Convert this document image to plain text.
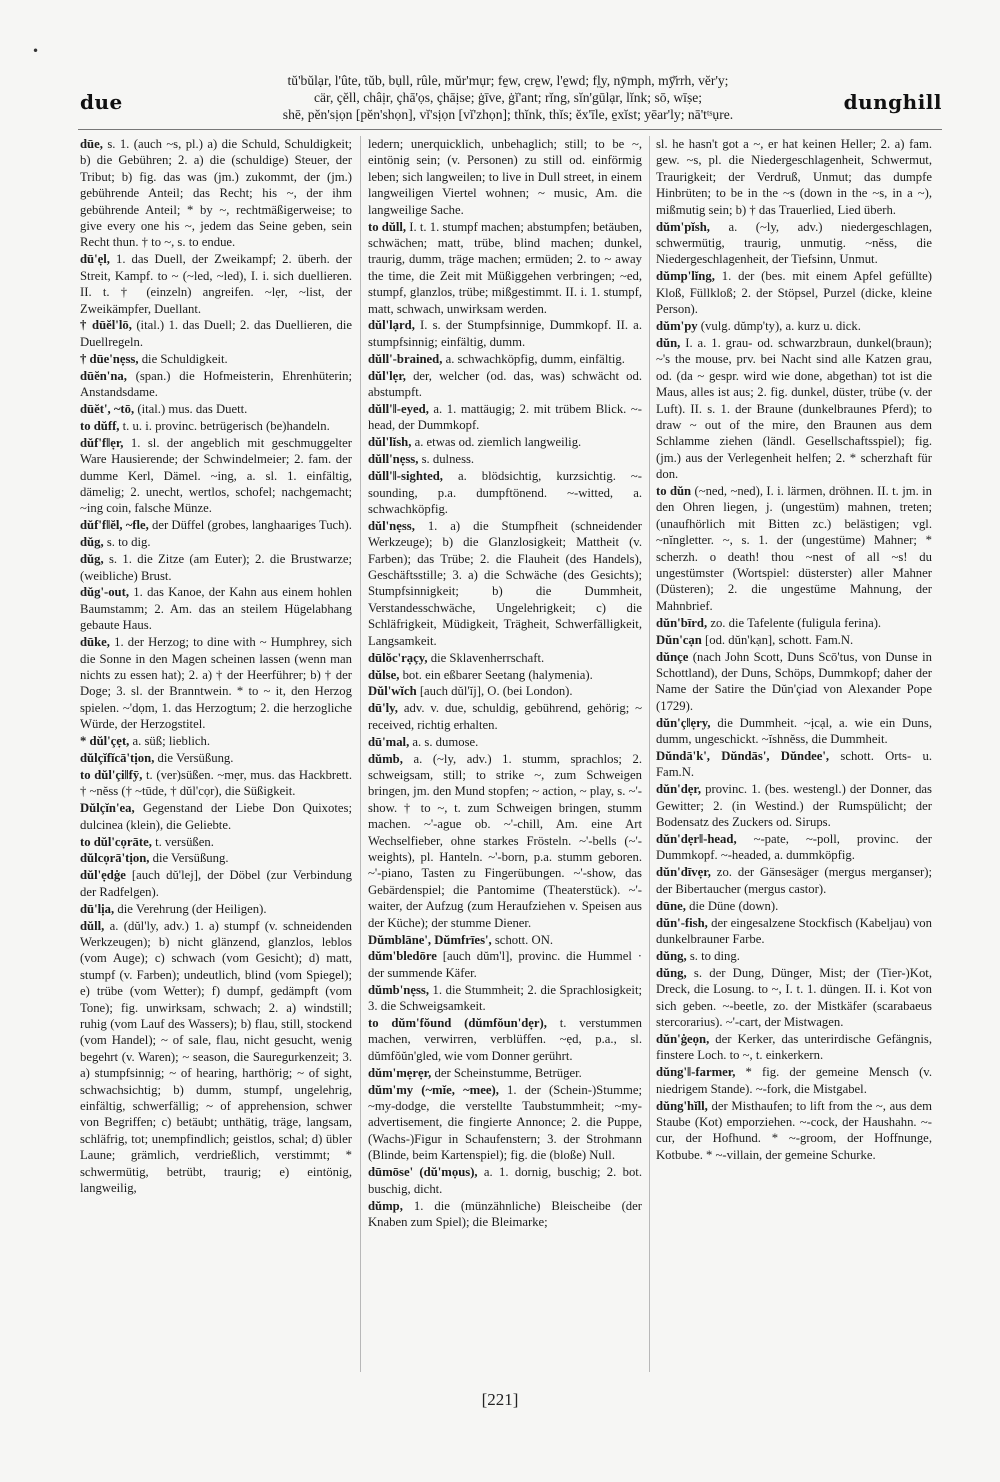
•
due
tŭ'bŭlạr, l'ûte, tŭb, bụll, rûle, mŭr'mụr; fe̱w, cre̱w, l'e̱wd; fl̤y, nȳmph, mȳ̆rrh, vĕr'y;
cär, çĕll, châịr, çhā'ọs, çhāịse; ġīve, ġĭ'ant; rĭng, sĭn'gūlạr, lĭnk; sō, wīṣe;
shē, pĕn'sịọn [pĕn'shọn], vĭ'sịọn [vĭ'zhọn]; thĭnk, thĭs; ĕx'īle, e̱xĭst; yēar'ly; nā'tᵗˢụre.
dunghill
dūe, s. 1. (auch ~s, pl.) a) die Schuld, Schuldigkeit; b) die Gebühren; 2. a) die (schuldige) Steuer, der Tribut; b) fig. das was (jm.) zukommt, der (jm.) gebührende Anteil; das Recht; his ~, der ihm gebührende Anteil; * by ~, rechtmäßigerweise; to give every one his ~, jedem das Seine geben, sein Recht thun. † to ~, s. to endue.
dū'ẹl, 1. das Duell, der Zweikampf; 2. überh. der Streit, Kampf. to ~ (~led, ~led), I. i. sich duellieren. II. t. † (einzeln) angreifen. ~lẹr, ~list, der Zweikämpfer, Duellant.
† dūĕl'lō, (ital.) 1. das Duell; 2. das Duellieren, die Duellregeln.
† dūe'nẹss, die Schuldigkeit.
dūĕn'na, (span.) die Hofmeisterin, Ehrenhüterin; Anstandsdame.
dūĕt', ~tō, (ital.) mus. das Duett.
to dŭff, t. u. i. provinc. betrügerisch (be)handeln.
dŭf'f‖ẹr, 1. sl. der angeblich mit geschmuggelter Ware Hausierende; der Schwindelmeier; 2. fam. der dumme Kerl, Dämel. ~ing, a. sl. 1. einfältig, dämelig; 2. unecht, wertlos, schofel; nachgemacht; ~ing coin, falsche Münze.
dŭf'f‖ĕl, ~fle, der Düffel (grobes, langhaariges Tuch).
dŭg, s. to dig.
dŭg, s. 1. die Zitze (am Euter); 2. die Brustwarze; (weibliche) Brust.
dŭg'-out, 1. das Kanoe, der Kahn aus einem hohlen Baumstamm; 2. Am. das an steilem Hügelabhang gebaute Haus.
dūke, 1. der Herzog; to dine with ~ Humphrey, sich die Sonne in den Magen scheinen lassen (wenn man nichts zu essen hat); 2. a) † der Heerführer; b) † der Doge; 3. sl. der Branntwein. * to ~ it, den Herzog spielen. ~'dọm, 1. das Herzogtum; 2. die herzogliche Würde, der Herzogstitel.
* dŭl'çẹt, a. süß; lieblich.
dŭlçĭfĭcā'tịon, die Versüßung.
to dŭl'çi‖fȳ, t. (ver)süßen. ~mẹr, mus. das Hackbrett. † ~nĕss († ~tūde, † dŭl'cọr), die Süßigkeit.
Dŭlçĭn'ea, Gegenstand der Liebe Don Quixotes; dulcinea (klein), die Geliebte.
to dŭl'cọrāte, t. versüßen.
dŭlcọrā'tịon, die Versüßung.
dŭl'ẹdġe [auch dŭ'lej], der Döbel (zur Verbindung der Radfelgen).
dū'lịa, die Verehrung (der Heiligen).
dŭll, a. (dŭl'ly, adv.) 1. a) stumpf (v. schneidenden Werkzeugen); b) nicht glänzend, glanzlos, leblos (vom Auge); c) schwach (vom Gesicht); d) matt, stumpf (v. Farben); undeutlich, blind (vom Spiegel); e) trübe (vom Wetter); f) dumpf, gedämpft (vom Tone); fig. unwirksam, schwach; 2. a) windstill; ruhig (vom Lauf des Wassers); b) flau, still, stockend (vom Handel); ~ of sale, flau, nicht gesucht, wenig begehrt (v. Waren); ~ season, die Sauregurkenzeit; 3. a) stumpfsinnig; ~ of hearing, harthörig; ~ of sight, schwachsichtig; b) dumm, stumpf, ungelehrig, einfältig, schwerfällig; ~ of apprehension, schwer von Begriffen; c) betäubt; unthätig, träge, langsam, schläfrig, tot; unempfindlich; geistlos, schal; d) übler Laune; grämlich, verdrießlich, verstimmt; * schwermütig, betrübt, traurig; e) eintönig, langweilig,
ledern; unerquicklich, unbehaglich; still; to be ~, eintönig sein; (v. Personen) zu still od. einförmig leben; sich langweilen; to live in Dull street, in einem langweiligen Viertel wohnen; ~ music, Am. die langweilige Sache.
to dŭll, I. t. 1. stumpf machen; abstumpfen; betäuben, schwächen; matt, trübe, blind machen; dunkel, traurig, dumm, träge machen; ermüden; 2. to ~ away the time, die Zeit mit Müßiggehen verbringen; ~ed, stumpf, glanzlos, trübe; mißgestimmt. II. i. 1. stumpf, matt, schwach, unwirksam werden.
dŭl'lạrd, I. s. der Stumpfsinnige, Dummkopf. II. a. stumpfsinnig; einfältig, dumm.
dŭll'-brained, a. schwachköpfig, dumm, einfältig.
dŭl'lẹr, der, welcher (od. das, was) schwächt od. abstumpft.
dŭll'‖-eyed, a. 1. mattäugig; 2. mit trübem Blick. ~-head, der Dummkopf.
dŭl'lĭsh, a. etwas od. ziemlich langweilig.
dŭll'nẹss, s. dulness.
dŭll'‖-sighted, a. blödsichtig, kurzsichtig. ~-sounding, p.a. dumpftönend. ~-witted, a. schwachköpfig.
dŭl'nẹss, 1. a) die Stumpfheit (schneidender Werkzeuge); b) die Glanzlosigkeit; Mattheit (v. Farben); das Trübe; 2. die Flauheit (des Handels), Geschäftsstille; 3. a) die Schwäche (des Gesichts); Stumpfsinnigkeit; b) die Dummheit, Verstandesschwäche, Ungelehrigkeit; c) die Schläfrigkeit, Müdigkeit, Trägheit, Schwerfälligkeit, Langsamkeit.
dūlŏc'rạçy, die Sklavenherrschaft.
dŭlse, bot. ein eßbarer Seetang (halymenia).
Dŭl'wĭch [auch dŭl'ĭj], O. (bei London).
dū'ly, adv. v. due, schuldig, gebührend, gehörig; ~ received, richtig erhalten.
dū'mal, a. s. dumose.
dŭmb, a. (~ly, adv.) 1. stumm, sprachlos; 2. schweigsam, still; to strike ~, zum Schweigen bringen, jm. den Mund stopfen; ~ action, ~ play, s. ~'-show. † to ~, t. zum Schweigen bringen, stumm machen. ~'-ague ob. ~'-chill, Am. eine Art Wechselfieber, ohne starkes Frösteln. ~'-bells (~'-weights), pl. Hanteln. ~'-born, p.a. stumm geboren. ~'-piano, Tasten zu Fingerübungen. ~'-show, das Gebärdenspiel; die Pantomime (Theaterstück). ~'-waiter, der Aufzug (zum Heraufziehen v. Speisen aus der Küche); der stumme Diener.
Dŭmblāne', Dŭmfrīes', schott. ON.
dŭm'bledōre [auch dŭm'l], provinc. die Hummel · der summende Käfer.
dŭmb'nẹss, 1. die Stummheit; 2. die Sprachlosigkeit; 3. die Schweigsamkeit.
to dŭm'fŏund (dŭmfŏun'dẹr), t. verstummen machen, verwirren, verblüffen. ~ẹd, p.a., sl. dŭmfŏŭn'gled, wie vom Donner gerührt.
dŭm'mẹrẹr, der Scheinstumme, Betrüger.
dŭm'my (~mĭe, ~mee), 1. der (Schein-)Stumme; ~my-dodge, die verstellte Taubstummheit; ~my-advertisement, die fingierte Annonce; 2. die Puppe, (Wachs-)Figur in Schaufenstern; 3. der Strohmann (Blinde, beim Kartenspiel); fig. die (bloße) Null.
dūmōse' (dŭ'mọus), a. 1. dornig, buschig; 2. bot. buschig, dicht.
dŭmp, 1. die (münzähnliche) Bleischeibe (der Knaben zum Spiel); die Bleimarke;
sl. he hasn't got a ~, er hat keinen Heller; 2. a) fam. gew. ~s, pl. die Niedergeschlagenheit, Schwermut, Traurigkeit; der Verdruß, Unmut; das dumpfe Hinbrüten; to be in the ~s (down in the ~s, in a ~), mißmutig sein; b) † das Trauerlied, Lied überh.
dŭm'pĭsh, a. (~ly, adv.) niedergeschlagen, schwermütig, traurig, unmutig. ~nĕss, die Niedergeschlagenheit, der Tiefsinn, Unmut.
dŭmp'lĭng, 1. der (bes. mit einem Apfel gefüllte) Kloß, Füllkloß; 2. der Stöpsel, Purzel (dicke, kleine Person).
dŭm'py (vulg. dŭmp'ty), a. kurz u. dick.
dŭn, I. a. 1. grau- od. schwarzbraun, dunkel(braun); ~'s the mouse, prv. bei Nacht sind alle Katzen grau, od. (da ~ gespr. wird wie done, abgethan) tot ist die Maus, alles ist aus; 2. fig. dunkel, düster, trübe (v. der Luft). II. s. 1. der Braune (dunkelbraunes Pferd); to draw ~ out of the mire, den Braunen aus dem Schlamme ziehen (ländl. Gesellschaftsspiel); fig. (jm.) aus der Verlegenheit helfen; 2. * scherzhaft für don.
to dŭn (~ned, ~ned), I. i. lärmen, dröhnen. II. t. jm. in den Ohren liegen, j. (ungestüm) mahnen, treten; (unaufhörlich mit Bitten zc.) belästigen; vgl. ~nĭngletter. ~, s. 1. der (ungestüme) Mahner; * scherzh. o death! thou ~nest of all ~s! du ungestümster (Wortspiel: düsterster) aller Mahner (Düsteren); 2. die ungestüme Mahnung, der Mahnbrief.
dŭn'bīrd, zo. die Tafelente (fuligula ferina).
Dŭn'cạn [od. dŭn'kạn], schott. Fam.N.
dŭnçe (nach John Scott, Duns Scō'tus, von Dunse in Schottland), der Duns, Schöps, Dummkopf; daher der Name der Satire the Dŭn'çiad von Alexander Pope (1729).
dŭn'ç‖ẹry, die Dummheit. ~ịcạl, a. wie ein Duns, dumm, ungeschickt. ~ĭshnĕss, die Dummheit.
Dŭndā'k', Dŭndās', Dŭndee', schott. Orts- u. Fam.N.
dŭn'dẹr, provinc. 1. (bes. westengl.) der Donner, das Gewitter; 2. (in Westind.) der Rumspülicht; der Bodensatz des Zuckers od. Sirups.
dŭn'dẹr‖-head, ~-pate, ~-poll, provinc. der Dummkopf. ~-headed, a. dummköpfig.
dŭn'dīvẹr, zo. der Gänsesäger (mergus merganser); der Bibertaucher (mergus castor).
dūne, die Düne (down).
dŭn'-fish, der eingesalzene Stockfisch (Kabeljau) von dunkelbrauner Farbe.
dŭng, s. to ding.
dŭng, s. der Dung, Dünger, Mist; der (Tier-)Kot, Dreck, die Losung. to ~, I. t. 1. düngen. II. i. Kot von sich geben. ~-beetle, zo. der Mistkäfer (scarabaeus stercorarius). ~'-cart, der Mistwagen.
dŭn'ġeọn, der Kerker, das unterirdische Gefängnis, finstere Loch. to ~, t. einkerkern.
dŭng'‖-farmer, * fig. der gemeine Mensch (v. niedrigem Stande). ~-fork, die Mistgabel.
dŭng'hĭll, der Misthaufen; to lift from the ~, aus dem Staube (Kot) emporziehen. ~-cock, der Haushahn. ~-cur, der Hofhund. * ~-groom, der Hoffnunge, Kotbube. * ~-villain, der gemeine Schurke.
[221]
